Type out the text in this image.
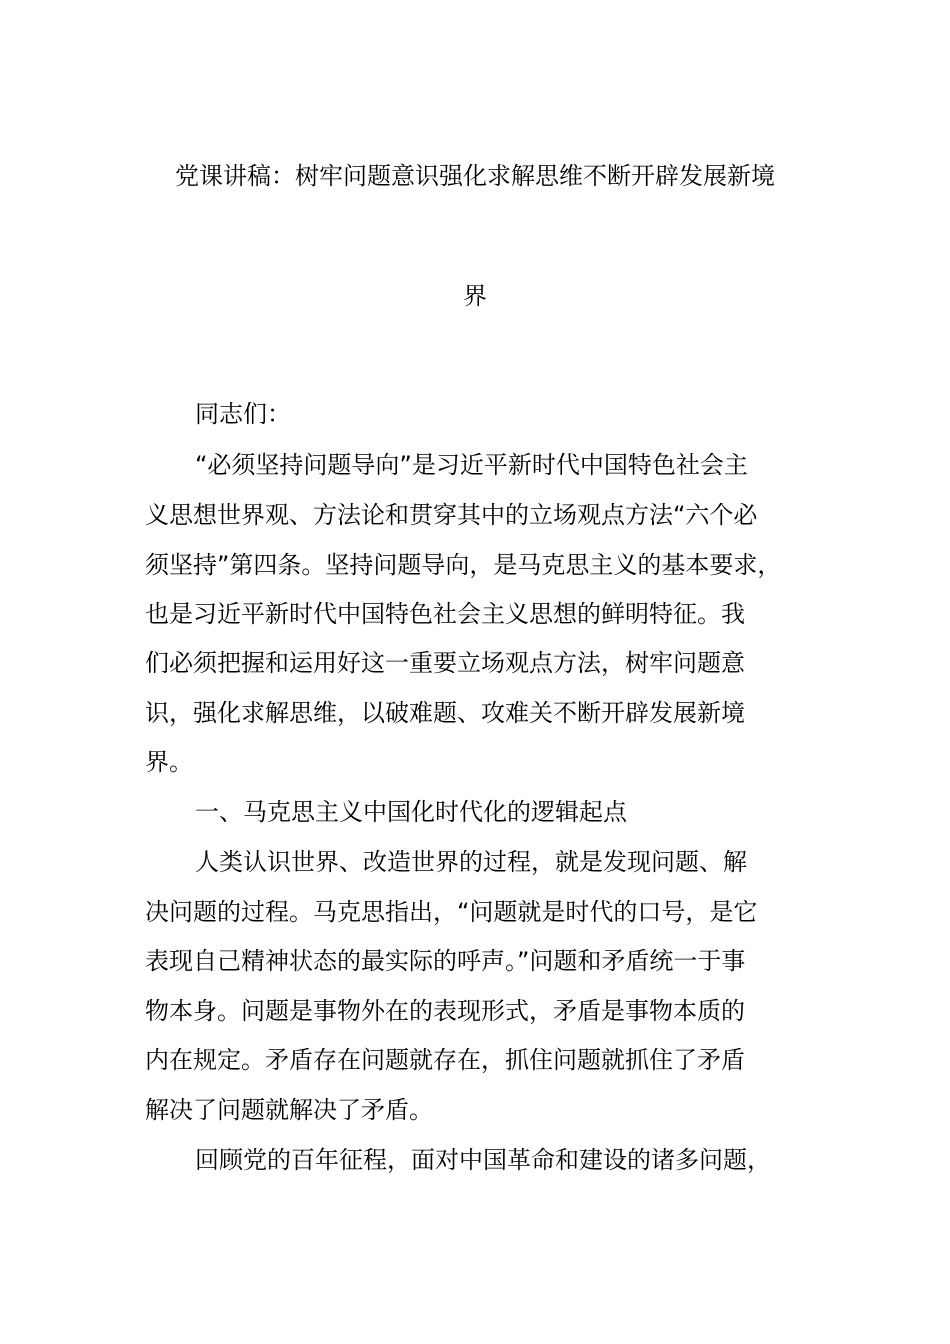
党课讲稿：树牢问题意识强化求解思维不断开辟发展新境
界
同志们：
“必须坚持问题导向”是习近平新时代中国特色社会主
义思想世界观、方法论和贯穿其中的立场观点方法“六个必
须坚持”第四条。坚持问题导向，是马克思主义的基本要求，
也是习近平新时代中国特色社会主义思想的鲜明特征。我
们必须把握和运用好这一重要立场观点方法，树牢问题意
识，强化求解思维，以破难题、攻难关不断开辟发展新境
界。
一、马克思主义中国化时代化的逻辑起点
人类认识世界、改造世界的过程，就是发现问题、解
决问题的过程。马克思指出，“问题就是时代的口号，是它
表现自己精神状态的最实际的呼声。”问题和矛盾统一于事
物本身。问题是事物外在的表现形式，矛盾是事物本质的
内在规定。矛盾存在问题就存在，抓住问题就抓住了矛盾
解决了问题就解决了矛盾。
回顾党的百年征程，面对中国革命和建设的诸多问题，
